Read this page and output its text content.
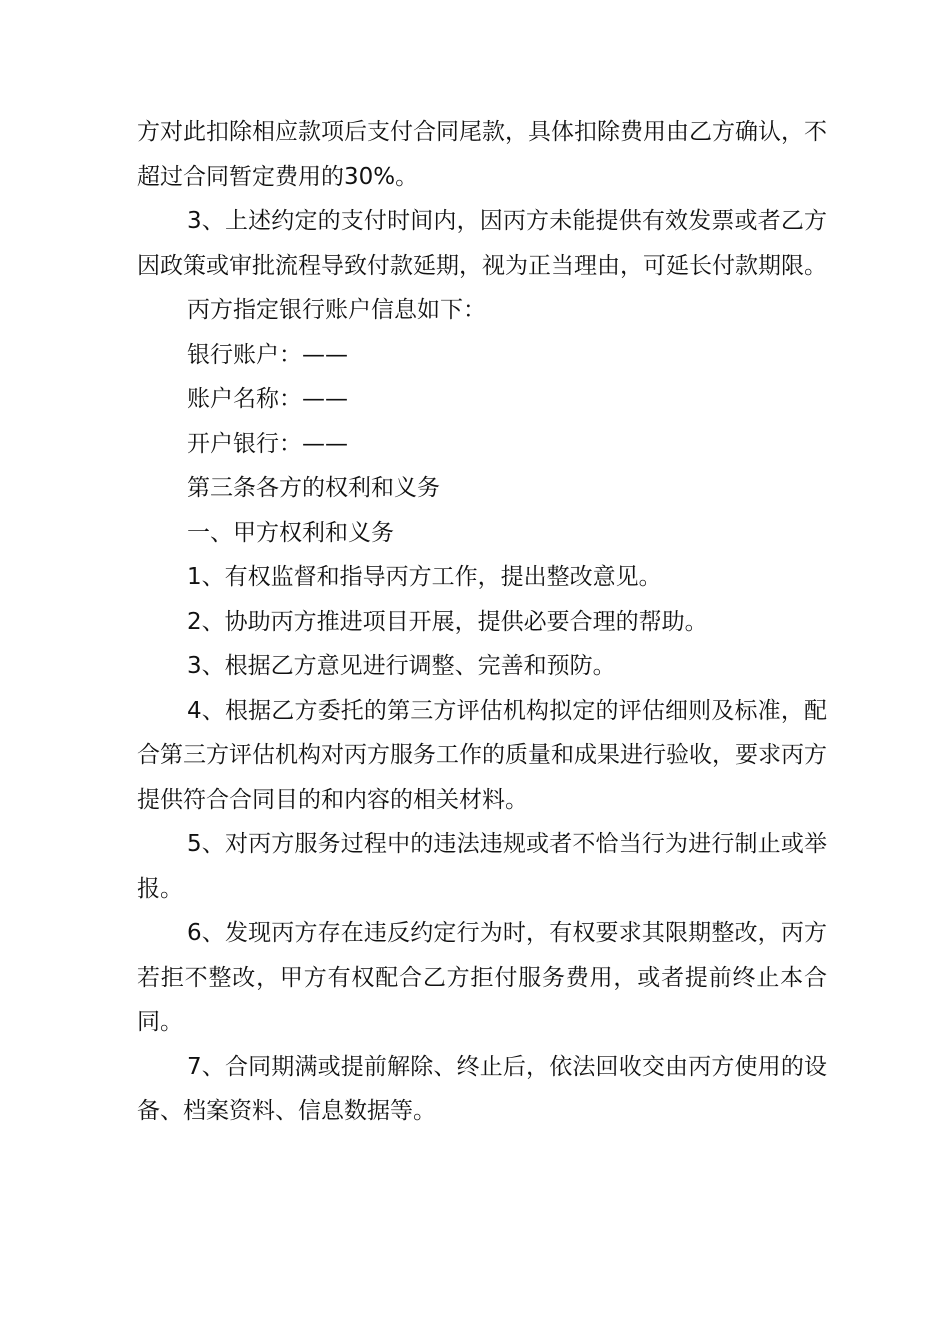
方对此扣除相应款项后支付合同尾款，具体扣除费用由乙方确认，不超过合同暂定费用的30%。

3、上述约定的支付时间内，因丙方未能提供有效发票或者乙方因政策或审批流程导致付款延期，视为正当理由，可延长付款期限。

丙方指定银行账户信息如下：

银行账户：——

账户名称：——

开户银行：——

第三条各方的权利和义务

一、甲方权利和义务

1、有权监督和指导丙方工作，提出整改意见。

2、协助丙方推进项目开展，提供必要合理的帮助。

3、根据乙方意见进行调整、完善和预防。

4、根据乙方委托的第三方评估机构拟定的评估细则及标准，配合第三方评估机构对丙方服务工作的质量和成果进行验收，要求丙方提供符合合同目的和内容的相关材料。

5、对丙方服务过程中的违法违规或者不恰当行为进行制止或举报。

6、发现丙方存在违反约定行为时，有权要求其限期整改，丙方若拒不整改，甲方有权配合乙方拒付服务费用，或者提前终止本合同。

7、合同期满或提前解除、终止后，依法回收交由丙方使用的设备、档案资料、信息数据等。
